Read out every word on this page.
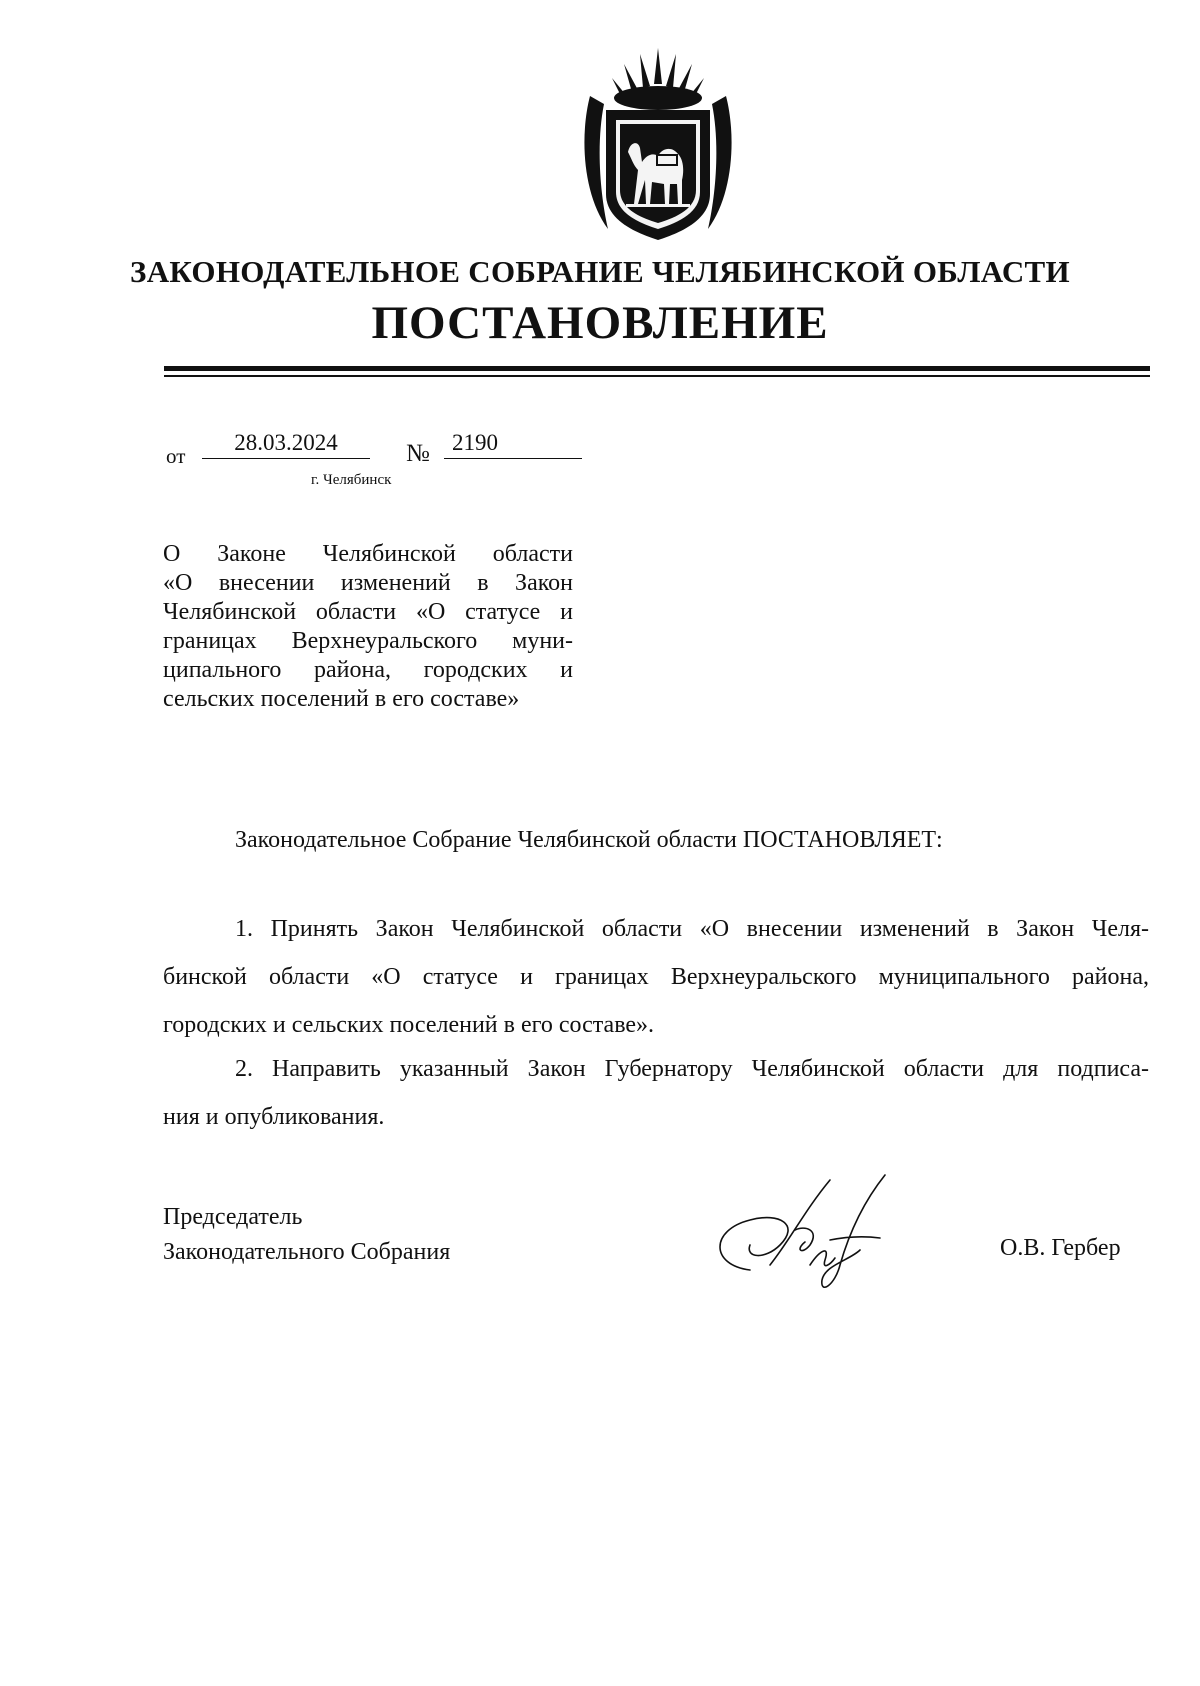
ЗАКОНОДАТЕЛЬНОЕ СОБРАНИЕ ЧЕЛЯБИНСКОЙ ОБЛАСТИ
ПОСТАНОВЛЕНИЕ
от
28.03.2024	№ 2190
г. Челябинск
О Законе Челябинской области
«О внесении изменений в Закон
Челябинской области «О статусе и
границах Верхнеуральского муни-
ципального района, городских и
сельских поселений в его составе»
Законодательное Собрание Челябинской области ПОСТАНОВЛЯЕТ:
1. Принять Закон Челябинской области «О внесении изменений в Закон Челя-
бинской области «О статусе и границах Верхнеуральского муниципального района,
городских и сельских поселений в его составе».
2. Направить указанный Закон Губернатору Челябинской области для подписа-
ния и опубликования.
Председатель
Законодательного Собрания	О.В. Гербер
